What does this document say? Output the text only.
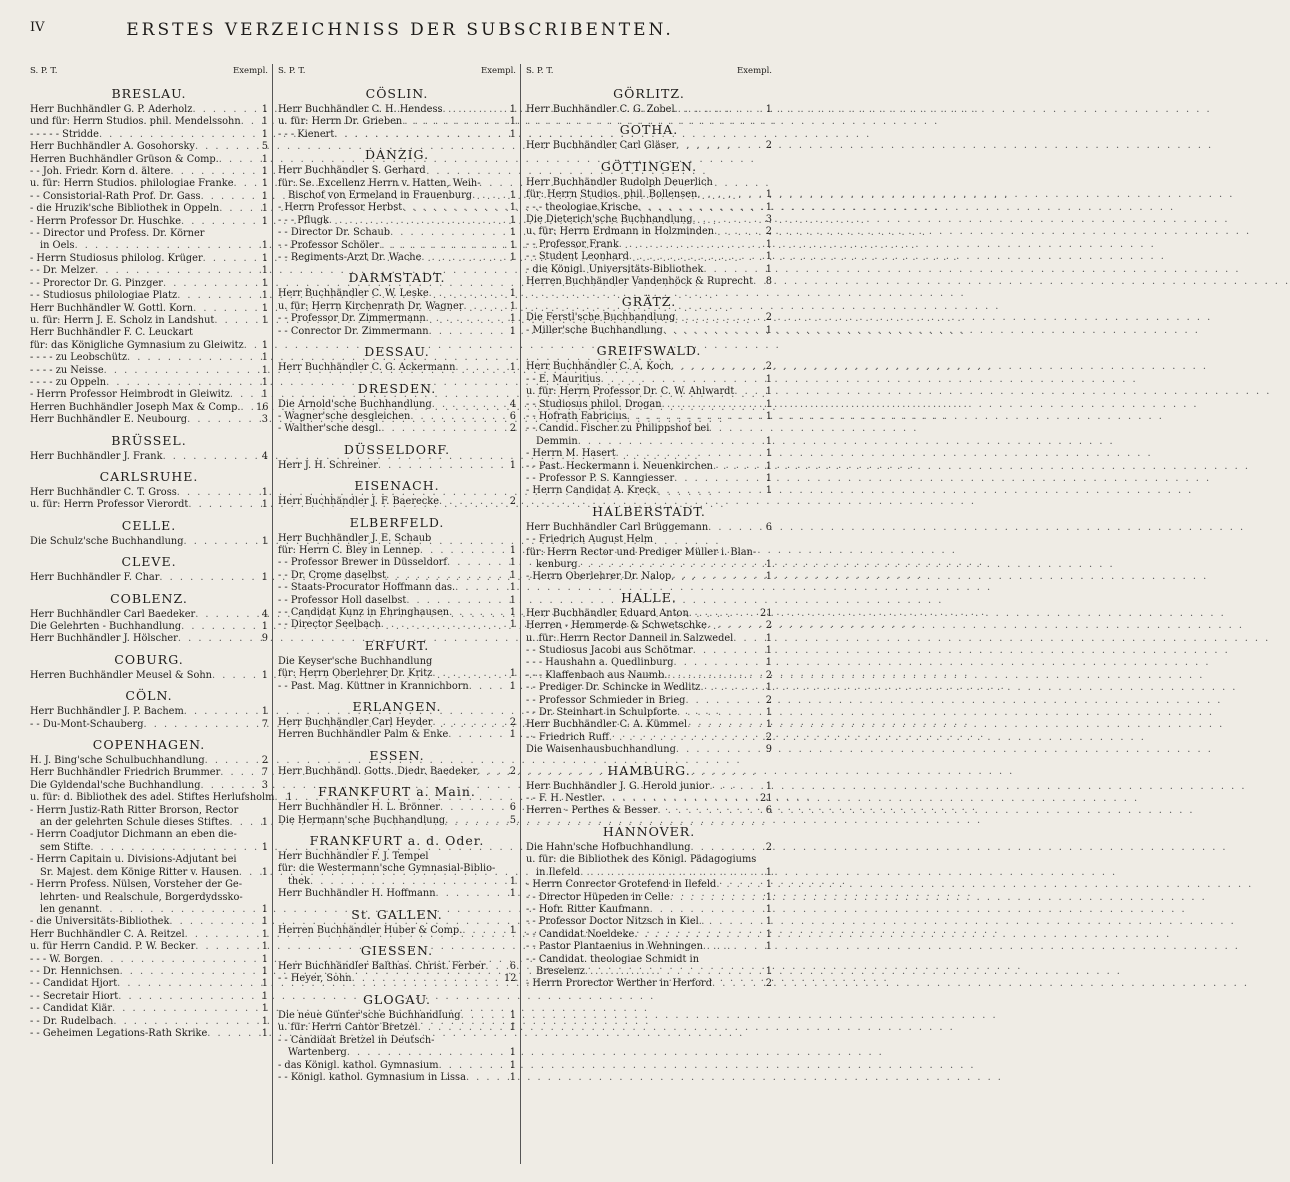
IV	ERSTES VERZEICHNISS DER SUBSCRIBENTEN.
S. P. T.	Exempl.
BRESLAU.
Herr Buchhändler G. P. Aderholz . . .	1
und für: Herrn Studios. phil. Mendelssohn . . .	1
- - - - - Stridde . . .	1
Herr Buchhändler A. Gosohorsky . . .	5
Herren Buchhändler Grüson & Comp. . . .	1
- - Joh. Friedr. Korn d. ältere . . .	1
u. für: Herrn Studios. philologiae Franke . . .	1
- - Consistorial-Rath Prof. Dr. Gass . . .	1
- die Hruzik'sche Bibliothek in Oppeln . . .	1
- Herrn Professor Dr. Huschke . . .	1
- - Director und Profess. Dr. Körner
in Oels . . .	1
- Herrn Studiosus philolog. Krüger . . .	1
- - Dr. Melzer . . .	1
- - Prorector Dr. G. Pinzger . . .	1
- - Studiosus philologiae Platz . . .	1
Herr Buchhändler W. Gottl. Korn . . .	1
u. für: Herrn J. E. Scholz in Landshut . . .	1
Herr Buchhändler F. C. Leuckart
für: das Königliche Gymnasium zu Gleiwitz . . .	1
- - - - zu Leobschütz . . .	1
- - - - zu Neisse . . .	1
- - - - zu Oppeln . . .	1
- Herrn Professor Heimbrodt in Gleiwitz . . .	1
Herren Buchhändler Joseph Max & Comp. . . . 16
Herr Buchhändler E. Neubourg . . .	3
BRÜSSEL.
Herr Buchhändler J. Frank . . .	4
CARLSRUHE.
Herr Buchhändler C. T. Gross . . .	1
u. für: Herrn Professor Vierordt . . .	1
CELLE.
Die Schulz'sche Buchhandlung . . .	1
CLEVE.
Herr Buchhändler F. Char . . .	1
COBLENZ.
Herr Buchhändler Carl Baedeker . . .	4
Die Gelehrten - Buchhandlung . . .	1
Herr Buchhändler J. Hölscher . . .	9
COBURG.
Herren Buchhändler Meusel & Sohn . . .	1
CÖLN.
Herr Buchhändler J. P. Bachem . . .	1
- - Du-Mont-Schauberg . . .	7
COPENHAGEN.
H. J. Bing'sche Schulbuchhandlung . . .	2
Herr Buchhändler Friedrich Brummer . . .	7
Die Gyldendal'sche Buchhandlung . . .	3
u. für: d. Bibliothek des adel. Stiftes Herlufsholm . . .	1
- Herrn Justiz-Rath Ritter Brorson, Rector
an der gelehrten Schule dieses Stiftes . . .	1
- Herrn Coadjutor Dichmann an eben die-
sem Stifte . . .	1
- Herrn Capitain u. Divisions-Adjutant bei
Sr. Majest. dem Könige Ritter v. Hausen . . .	1
- Herrn Profess. Nülsen, Vorsteher der Ge-
lehrten- und Realschule, Borgerdydssko-
len genannt . . .	1
- die Universitäts-Bibliothek . . .	1
Herr Buchhändler C. A. Reitzel . . .	1
u. für Herrn Candid. P. W. Becker . . .	1
- - - W. Borgen . . .	1
- - Dr. Hennichsen . . .	1
- - Candidat Hjort . . .	1
- - Secretair Hiort . . .	1
- - Candidat Kiär . . .	1
- - Dr. Rudelbach . . .	1
- - Geheimen Legations-Rath Skrike . . .	1
S. P. T.	Exempl.
CÖSLIN.
Herr Buchhändler C. H. Hendess . . .	1
u. für: Herrn Dr. Grieben . . .	1
- - - Kienert . . .	1
DANZIG.
Herr Buchhändler S. Gerhard
für: Se. Excellenz Herrn v. Hatten, Weih-
Bischof von Ermeland in Frauenburg . . .	1
- Herrn Professor Herbst . . .	1
- - - Pflugk . . .	1
- - Director Dr. Schaub . . .	1
- - Professor Schöler . . .	1
- - Regiments-Arzt Dr. Wache . . .	1
DARMSTADT.
Herr Buchhändler C. W. Leske . . .	1
u. für: Herrn Kirchenrath Dr. Wagner . . .	1
- - Professor Dr. Zimmermann . . .	1
- - Conrector Dr. Zimmermann . . .	1
DESSAU.
Herr Buchhändler C. G. Ackermann . . .	1
DRESDEN.
Die Arnold'sche Buchhandlung . . .	4
- Wagner'sche desgleichen . . .	6
- Walther'sche desgl. . . .	2
DÜSSELDORF.
Herr J. H. Schreiner . . .	1
EISENACH.
Herr Buchhändler J. F. Baerecke . . .	2
ELBERFELD.
Herr Buchhändler J. E. Schaub
für: Herrn C. Bley in Lennep . . .	1
- - Professor Brewer in Düsseldorf . . .	1
- - Dr. Crome daselbst . . .	1
- - Staats-Procurator Hoffmann das. . . .	1
- - Professor Holl daselbst . . .	1
- - Candidat Kunz in Ehringhausen . . .	1
- - Director Seelbach . . .	1
ERFURT.
Die Keyser'sche Buchhandlung
für: Herrn Oberlehrer Dr. Kritz . . .	1
- - Past. Mag. Küttner in Krannichborn . . .	1
ERLANGEN.
Herr Buchhändler Carl Heyder . . .	2
Herren Buchhändler Palm & Enke . . .	1
ESSEN.
Herr Buchhändl. Gotts. Diedr. Baedeker . . .	2
FRANKFURT a. Main.
Herr Buchhändler H. L. Brönner . . .	6
Die Hermann'sche Buchhandlung . . .	5
FRANKFURT a. d. Oder.
Herr Buchhändler F. J. Tempel
für: die Westermann'sche Gymnasial-Biblio-
thek . . .	1
Herr Buchhändler H. Hoffmann . . .	1
St. GALLEN.
Herren Buchhändler Huber & Comp. . . .	1
GIESSEN.
Herr Buchhändler Balthas. Christ. Ferber . . .	6
- - Heyer, Sohn . . .	12
GLOGAU.
Die neue Günter'sche Buchhandlung . . .	1
u. für: Herrn Cantor Bretzel . . .	1
- - Candidat Bretzel in Deutsch-
Wartenberg . . .	1
- das Königl. kathol. Gymnasium . . .	1
- - Königl. kathol. Gymnasium in Lissa . . .	1
S. P. T.	Exempl.
GÖRLITZ.
Herr Buchhändler C. G. Zobel . . .	1
GOTHA.
Herr Buchhändler Carl Gläser . . .	2
GÖTTINGEN.
Herr Buchhändler Rudolph Deuerlich
für: Herrn Studios. phil. Bollensen . . .	1
- - - theologiae Krische . . .	1
Die Dieterich'sche Buchhandlung . . .	3
u. für: Herrn Erdmann in Holzminden . . .	2
- - Professor Frank . . .	1
- - Student Leonhard . . .	1
- die Königl. Universitäts-Bibliothek . . .	1
Herren Buchhändler Vandenhöck & Ruprecht . . .	8
GRÄTZ.
Die Ferstl'sche Buchhandlung . . .	2
- Miller'sche Buchhandlung . . .	1
GREIFSWALD.
Herr Buchhändler C. A. Koch . . .	2
- - E. Mauritius . . .	1
u. für: Herrn Professor Dr. C. W. Ahlwardt . . .	1
- - Studiosus philol. Drogan . . .	1
- - Hofrath Fabricius . . .	1
- - Candid. Fischer zu Philippshof bei
Demmin . . .	1
- Herrn M. Hasert . . .	1
- - Past. Heckermann i. Neuenkirchen . . .	1
- - Professor P. S. Kanngiesser . . .	1
- Herrn Candidat A. Kreck . . .	1
HALBERSTADT.
Herr Buchhändler Carl Brüggemann . . .	6
- - Friedrich August Helm
für: Herrn Rector und Prediger Müller i. Blan-
kenburg . . .	1
- Herrn Oberlehrer Dr. Nalop . . .	1
HALLE.
Herr Buchhändler Eduard Anton . . .	21
Herren - Hemmerde & Schwetschke . . .	2
u. für: Herrn Rector Danneil in Salzwedel . . .	1
- - Studiosus Jacobi aus Schötmar . . .	1
- - - Haushahn a. Quedlinburg . . .	1
- - - Klaffenbach aus Naumb. . . .	2
- - Prediger Dr. Schincke in Wedlitz . . .	1
- - Professor Schmieder in Brieg . . .	2
- - Dr. Steinhart in Schulpforte . . .	1
Herr Buchhändler C. A. Kümmel . . .	1
- - Friedrich Ruff . . .	2
Die Waisenhausbuchhandlung . . .	9
HAMBURG.
Herr Buchhändler J. G. Herold junior . . .	1
- - F. H. Nestler . . .	21
Herren - Perthes & Besser . . .	6
HANNOVER.
Die Hahn'sche Hofbuchhandlung . . .	2
u. für: die Bibliothek des Königl. Pädagogiums
in Ilefeld . . .	1
- Herrn Conrector Grotefend in Ilefeld . . .	1
- - Director Hüpeden in Celle . . .	1
- - Hofr. Ritter Kaufmann . . .	1
- - Professor Doctor Nitzsch in Kiel . . .	1
- - Candidat Noeldeke . . .	1
- - Pastor Plantaenius in Wehningen . . .	1
- - Candidat. theologiae Schmidt in
Breselenz . . .	1
- Herrn Prorector Werther in Herford . . .	2
